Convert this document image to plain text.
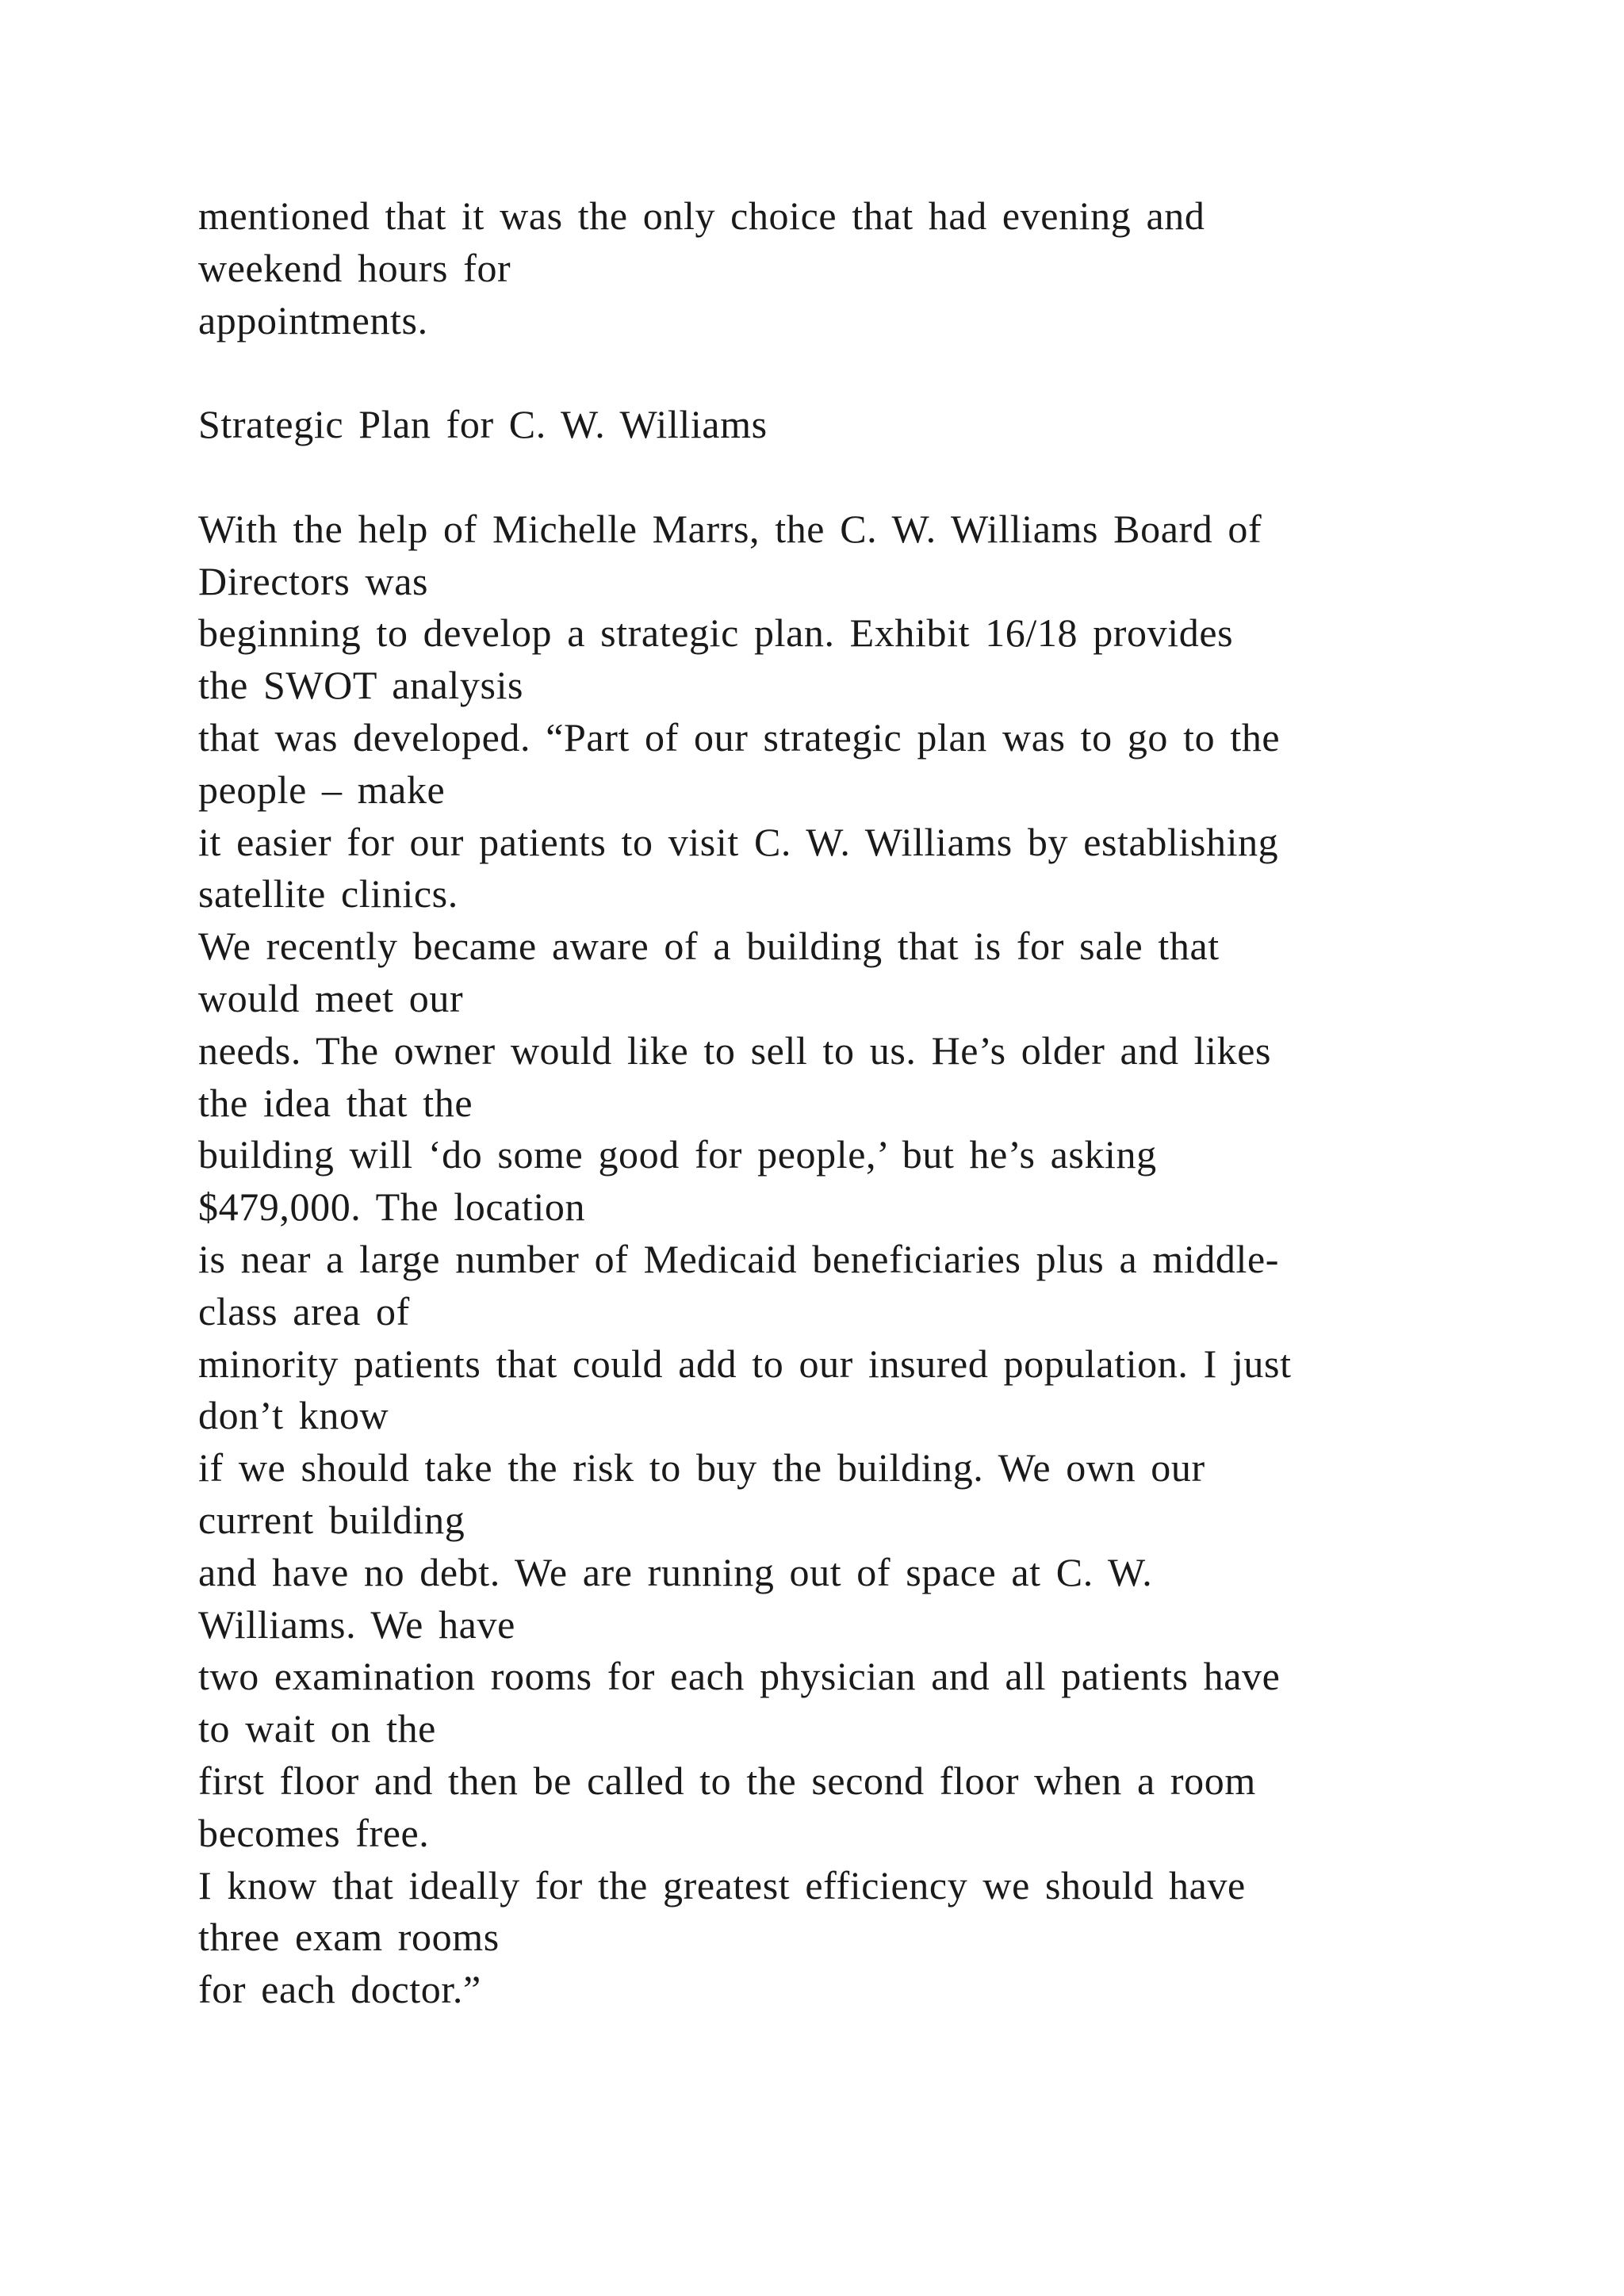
mentioned that it was the only choice that had evening and
weekend hours for
appointments.
Strategic Plan for C. W. Williams
With the help of Michelle Marrs, the C. W. Williams Board of
Directors was
beginning to develop a strategic plan. Exhibit 16/18 provides
the SWOT analysis
that was developed. “Part of our strategic plan was to go to the
people – make
it easier for our patients to visit C. W. Williams by establishing
satellite clinics.
We recently became aware of a building that is for sale that
would meet our
needs. The owner would like to sell to us. He’s older and likes
the idea that the
building will ‘do some good for people,’ but he’s asking
$479,000. The location
is near a large number of Medicaid beneficiaries plus a middle-
class area of
minority patients that could add to our insured population. I just
don’t know
if we should take the risk to buy the building. We own our
current building
and have no debt. We are running out of space at C. W.
Williams. We have
two examination rooms for each physician and all patients have
to wait on the
first floor and then be called to the second floor when a room
becomes free.
I know that ideally for the greatest efficiency we should have
three exam rooms
for each doctor.”
